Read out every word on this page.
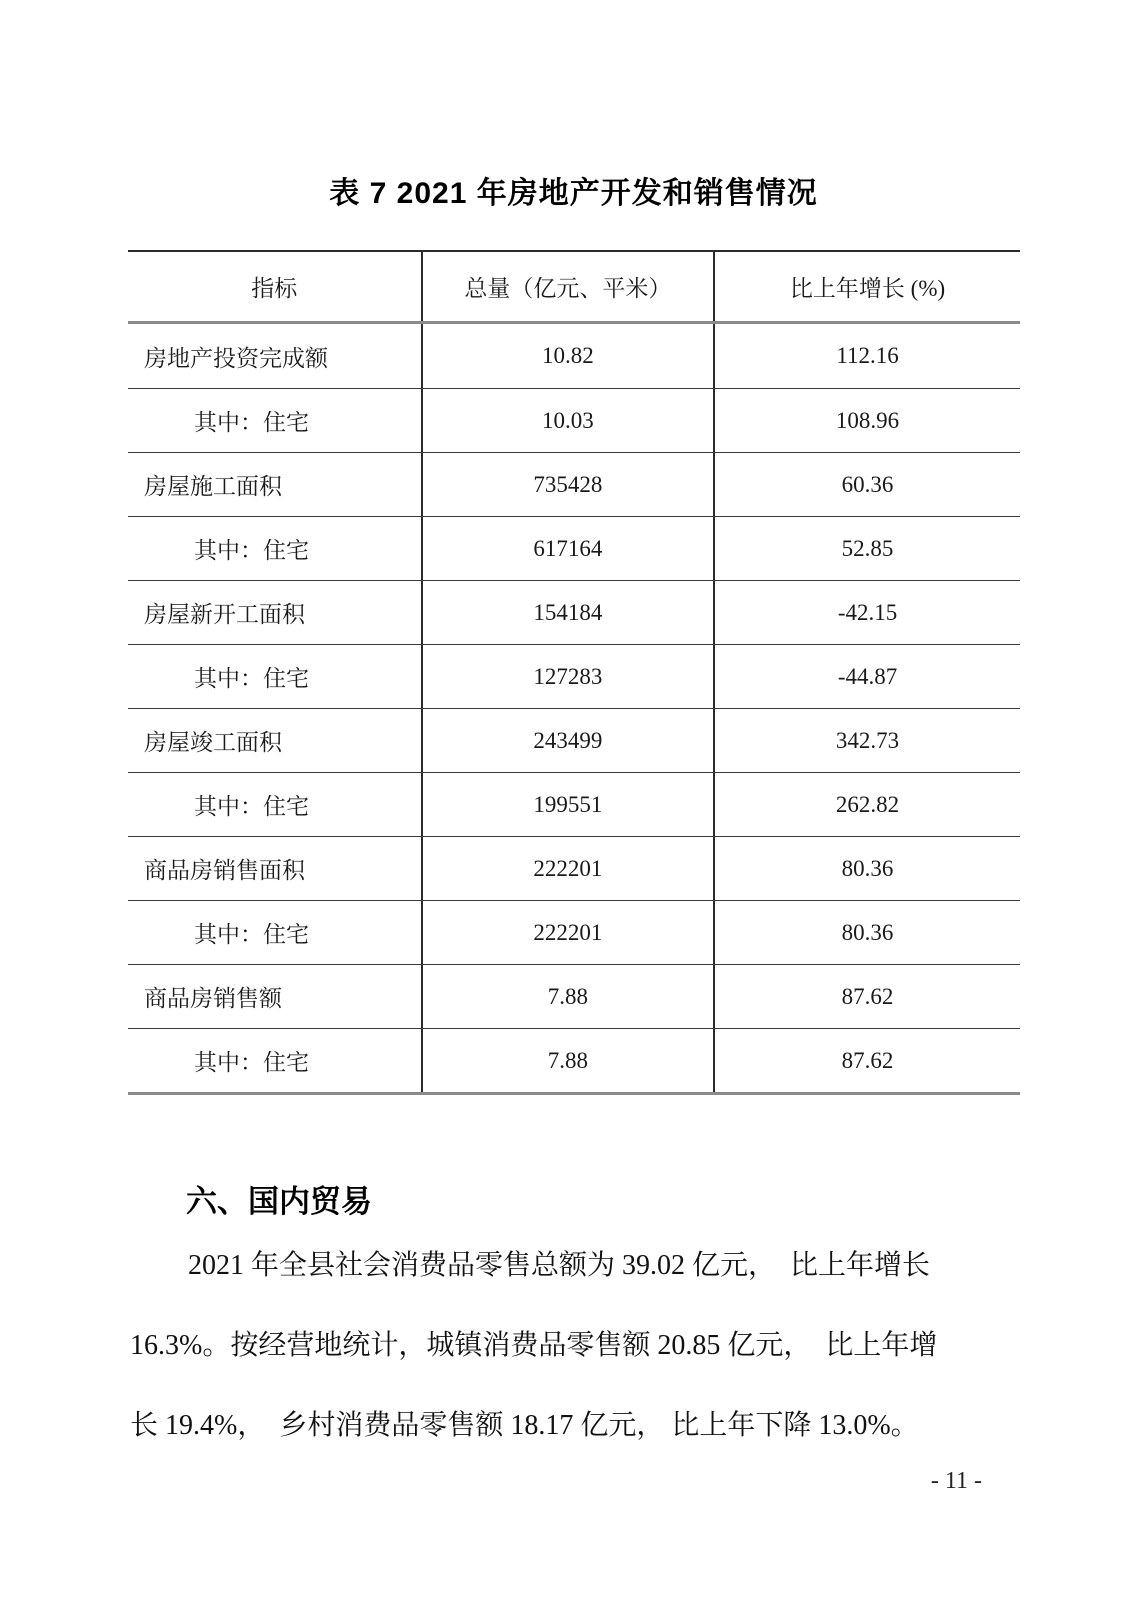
表 7 2021 年房地产开发和销售情况
指标	总量（亿元、平米）	比上年增长 (%)
房地产投资完成额	10.82	112.16
其中：住宅	10.03	108.96
房屋施工面积	735428	60.36
其中：住宅	617164	52.85
房屋新开工面积	154184	-42.15
其中：住宅	127283	-44.87
房屋竣工面积	243499	342.73
其中：住宅	199551	262.82
商品房销售面积	222201	80.36
其中：住宅	222201	80.36
商品房销售额	7.88	87.62
其中：住宅	7.88	87.62
六、国内贸易
2021 年全县社会消费品零售总额为 39.02 亿元，  比上年增长
16.3%。按经营地统计，城镇消费品零售额 20.85 亿元，  比上年增
长 19.4%，  乡村消费品零售额 18.17 亿元， 比上年下降 13.0%。
- 11 -
